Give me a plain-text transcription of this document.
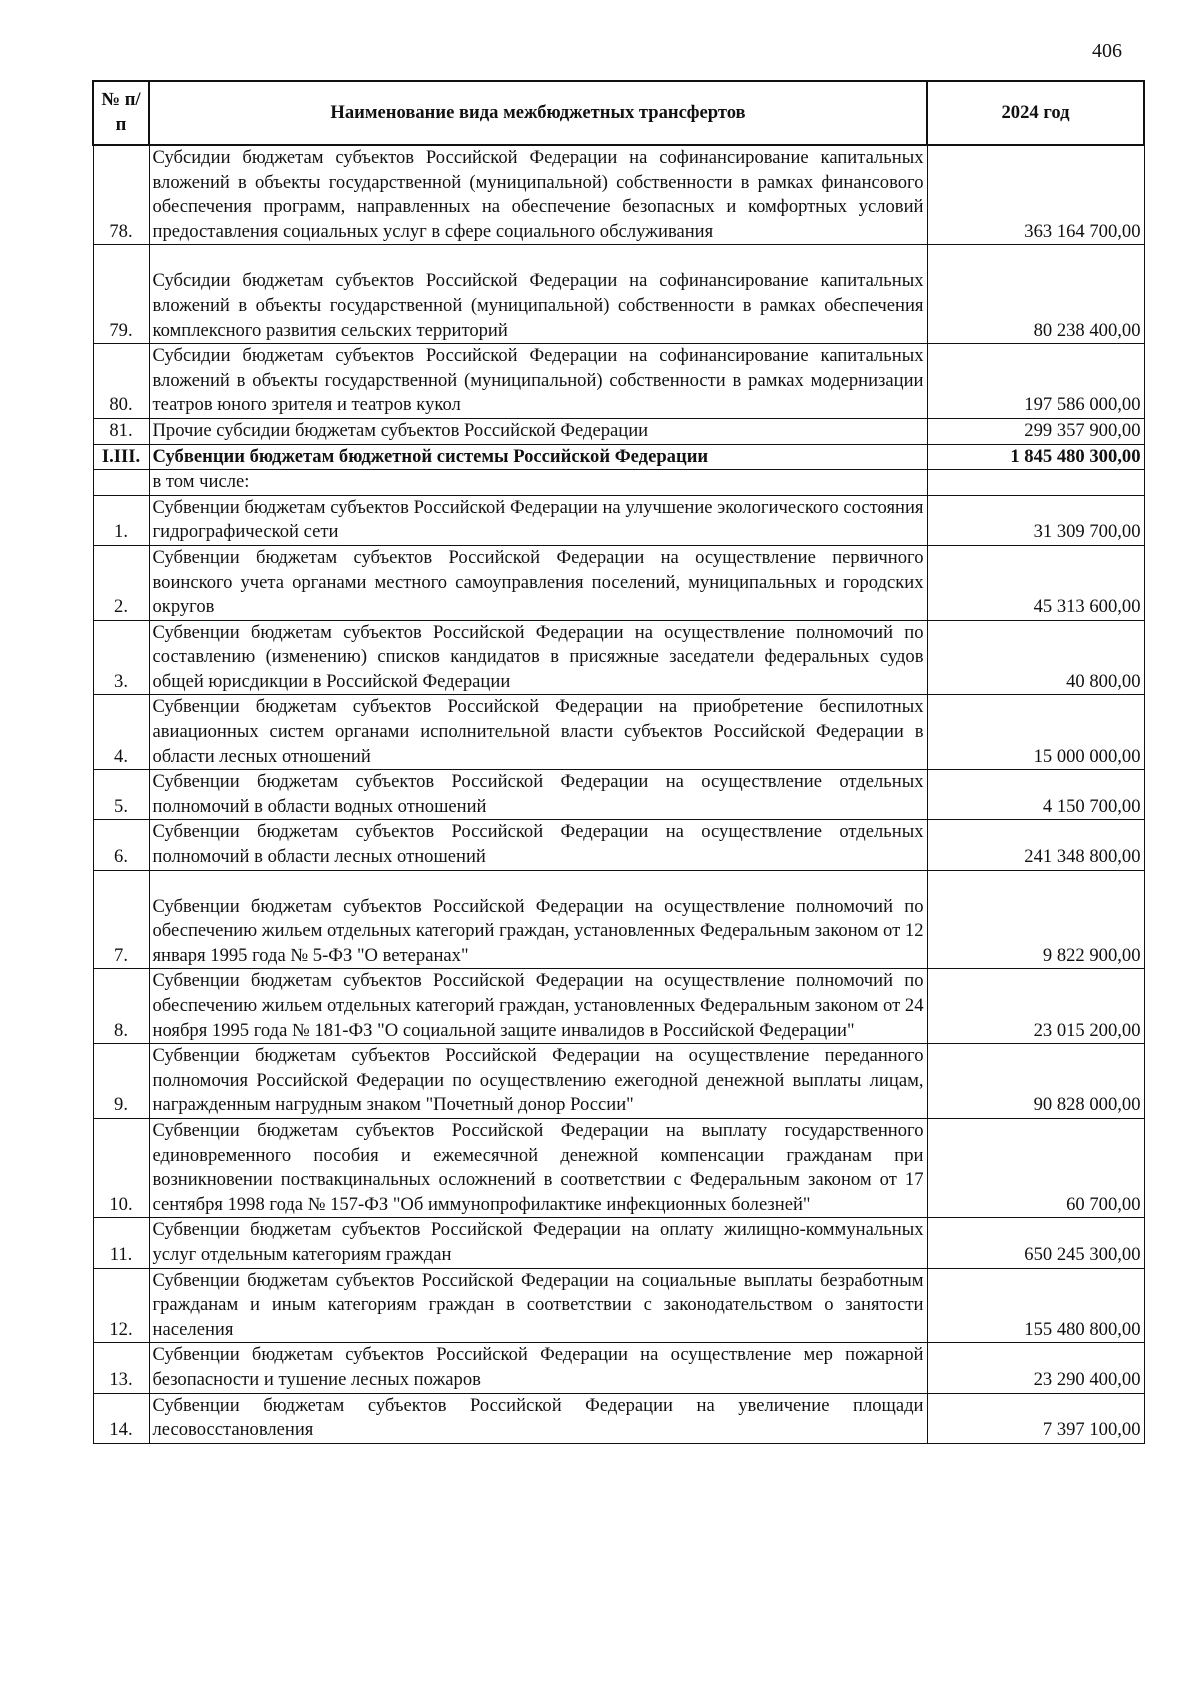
406
№ п/п	Наименование вида межбюджетных трансфертов	2024 год
78.	Субсидии бюджетам субъектов Российской Федерации на софинансирование капитальных вложений в объекты государственной (муниципальной) собственности в рамках финансового обеспечения программ, направленных на обеспечение безопасных и комфортных условий предоставления социальных услуг в сфере социального обслуживания	363 164 700,00
79.	Субсидии бюджетам субъектов Российской Федерации на софинансирование капитальных вложений в объекты государственной (муниципальной) собственности в рамках обеспечения комплексного развития сельских территорий	80 238 400,00
80.	Субсидии бюджетам субъектов Российской Федерации на софинансирование капитальных вложений в объекты государственной (муниципальной) собственности в рамках модернизации театров юного зрителя и театров кукол	197 586 000,00
81.	Прочие субсидии бюджетам субъектов Российской Федерации	299 357 900,00
I.III.	Субвенции бюджетам бюджетной системы Российской Федерации	1 845 480 300,00
	в том числе:	
1.	Субвенции бюджетам субъектов Российской Федерации на улучшение экологического состояния гидрографической сети	31 309 700,00
2.	Субвенции бюджетам субъектов Российской Федерации на осуществление первичного воинского учета органами местного самоуправления поселений, муниципальных и городских округов	45 313 600,00
3.	Субвенции бюджетам субъектов Российской Федерации на осуществление полномочий по составлению (изменению) списков кандидатов в присяжные заседатели федеральных судов общей юрисдикции в Российской Федерации	40 800,00
4.	Субвенции бюджетам субъектов Российской Федерации на приобретение беспилотных авиационных систем органами исполнительной власти субъектов Российской Федерации в области лесных отношений	15 000 000,00
5.	Субвенции бюджетам субъектов Российской Федерации на осуществление отдельных полномочий в области водных отношений	4 150 700,00
6.	Субвенции бюджетам субъектов Российской Федерации на осуществление отдельных полномочий в области лесных отношений	241 348 800,00
7.	Субвенции бюджетам субъектов Российской Федерации на осуществление полномочий по обеспечению жильем отдельных категорий граждан, установленных Федеральным законом от 12 января 1995 года № 5-ФЗ "О ветеранах"	9 822 900,00
8.	Субвенции бюджетам субъектов Российской Федерации на осуществление полномочий по обеспечению жильем отдельных категорий граждан, установленных Федеральным законом от 24 ноября 1995 года № 181-ФЗ "О социальной защите инвалидов в Российской Федерации"	23 015 200,00
9.	Субвенции бюджетам субъектов Российской Федерации на осуществление переданного полномочия Российской Федерации по осуществлению ежегодной денежной выплаты лицам, награжденным нагрудным знаком "Почетный донор России"	90 828 000,00
10.	Субвенции бюджетам субъектов Российской Федерации на выплату государственного единовременного пособия и ежемесячной денежной компенсации гражданам при возникновении поствакцинальных осложнений в соответствии с Федеральным законом от 17 сентября 1998 года № 157-ФЗ "Об иммунопрофилактике инфекционных болезней"	60 700,00
11.	Субвенции бюджетам субъектов Российской Федерации на оплату жилищно-коммунальных услуг отдельным категориям граждан	650 245 300,00
12.	Субвенции бюджетам субъектов Российской Федерации на социальные выплаты безработным гражданам и иным категориям граждан в соответствии с законодательством о занятости населения	155 480 800,00
13.	Субвенции бюджетам субъектов Российской Федерации на осуществление мер пожарной безопасности и тушение лесных пожаров	23 290 400,00
14.	Субвенции бюджетам субъектов Российской Федерации на увеличение площади лесовосстановления	7 397 100,00
